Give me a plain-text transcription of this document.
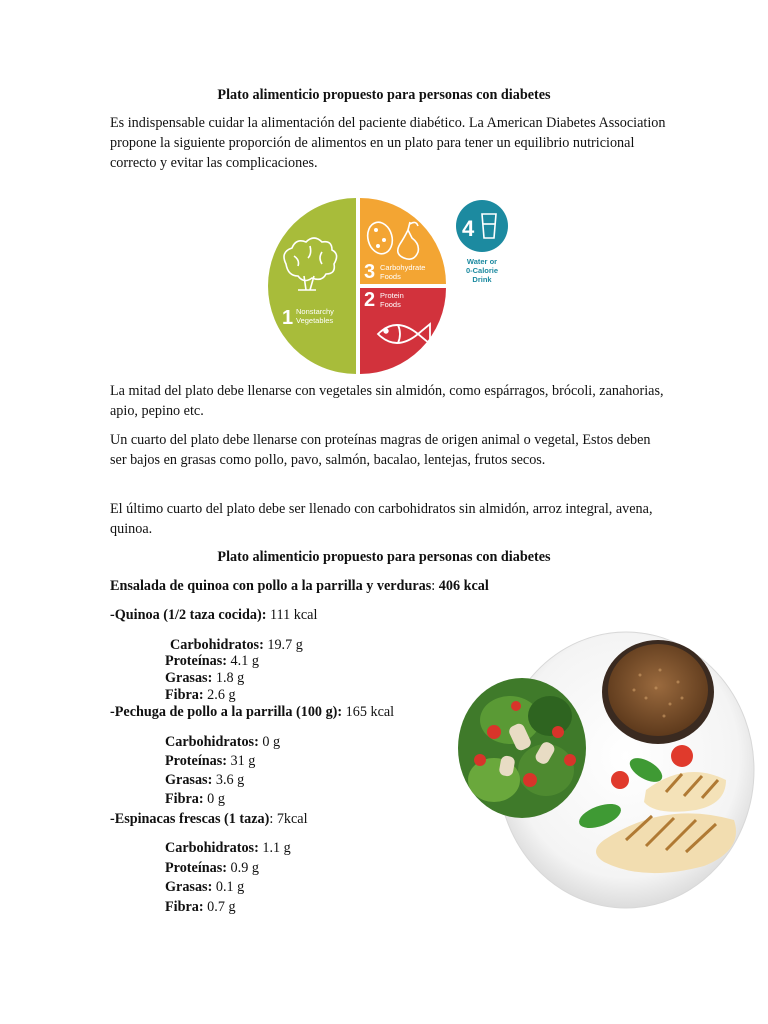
Plato alimenticio propuesto para personas con diabetes

Es indispensable cuidar la alimentación del paciente diabético. La American Diabetes Association propone la siguiente proporción de alimentos en un plato para tener un equilibrio nutricional correcto y evitar las complicaciones.

3 Carbohydrate
Foods
2 Protein
Foods
1 Nonstarchy
Vegetables
4
Water or
0-Calorie
Drink

La mitad del plato debe llenarse con vegetales sin almidón, como espárragos, brócoli, zanahorias, apio, pepino etc.

Un cuarto del plato debe llenarse con proteínas magras de origen animal o vegetal, Estos deben ser bajos en grasas como pollo, pavo, salmón, bacalao, lentejas, frutos secos.

El último cuarto del plato debe ser llenado con carbohidratos sin almidón, arroz integral, avena, quinoa.

Plato alimenticio propuesto para personas con diabetes
Ensalada de quinoa con pollo a la parrilla y verduras: 406 kcal
-Quinoa (1/2 taza cocida): 111 kcal
Carbohidratos: 19.7 g
Proteínas: 4.1 g
Grasas: 1.8 g
Fibra: 2.6 g
-Pechuga de pollo a la parrilla (100 g): 165 kcal
Carbohidratos: 0 g
Proteínas: 31 g
Grasas: 3.6 g
Fibra: 0 g
-Espinacas frescas (1 taza): 7kcal
Carbohidratos: 1.1 g
Proteínas: 0.9 g
Grasas: 0.1 g
Fibra: 0.7 g
